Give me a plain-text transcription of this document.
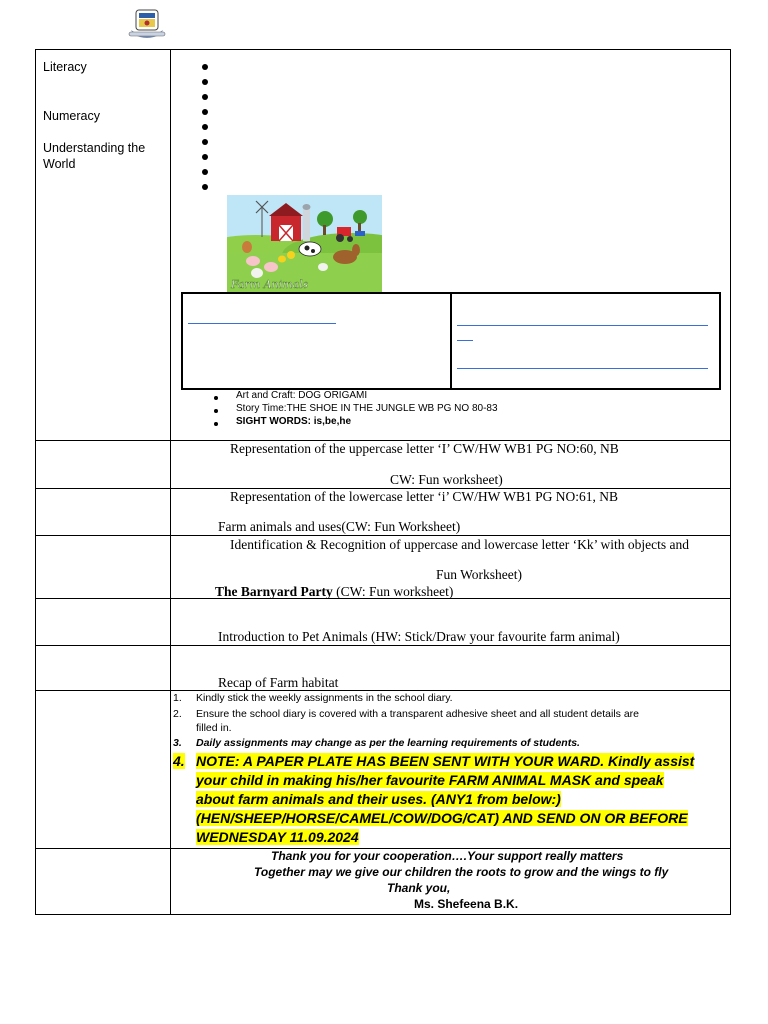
Literacy
Numeracy
Understanding the
World
Farm Animals
Art and Craft: DOG ORIGAMI
Story Time:THE SHOE IN THE JUNGLE WB PG NO 80-83
SIGHT WORDS: is,be,he
Representation of the uppercase letter ‘I’ CW/HW WB1 PG NO:60, NB
CW: Fun worksheet)
Representation of the lowercase letter ‘i’ CW/HW WB1 PG NO:61, NB
Farm animals and uses(CW: Fun Worksheet)
Identification & Recognition of uppercase and lowercase letter ‘Kk’ with objects and
Fun Worksheet)
The Barnyard Party (CW: Fun worksheet)
Introduction to Pet Animals (HW: Stick/Draw your favourite farm animal)
Recap of Farm habitat
1. Kindly stick the weekly assignments in the school diary.
2. Ensure the school diary is covered with a transparent adhesive sheet and all student details are
filled in.
3. Daily assignments may change as per the learning requirements of students.
4. NOTE: A PAPER PLATE HAS BEEN SENT WITH YOUR WARD. Kindly assist
your child in making his/her favourite FARM ANIMAL MASK and speak
about farm animals and their uses. (ANY1 from below:)
(HEN/SHEEP/HORSE/CAMEL/COW/DOG/CAT) AND SEND ON OR BEFORE
WEDNESDAY 11.09.2024
Thank you for your cooperation….Your support really matters
Together may we give our children the roots to grow and the wings to fly
Thank you,
Ms. Shefeena B.K.
